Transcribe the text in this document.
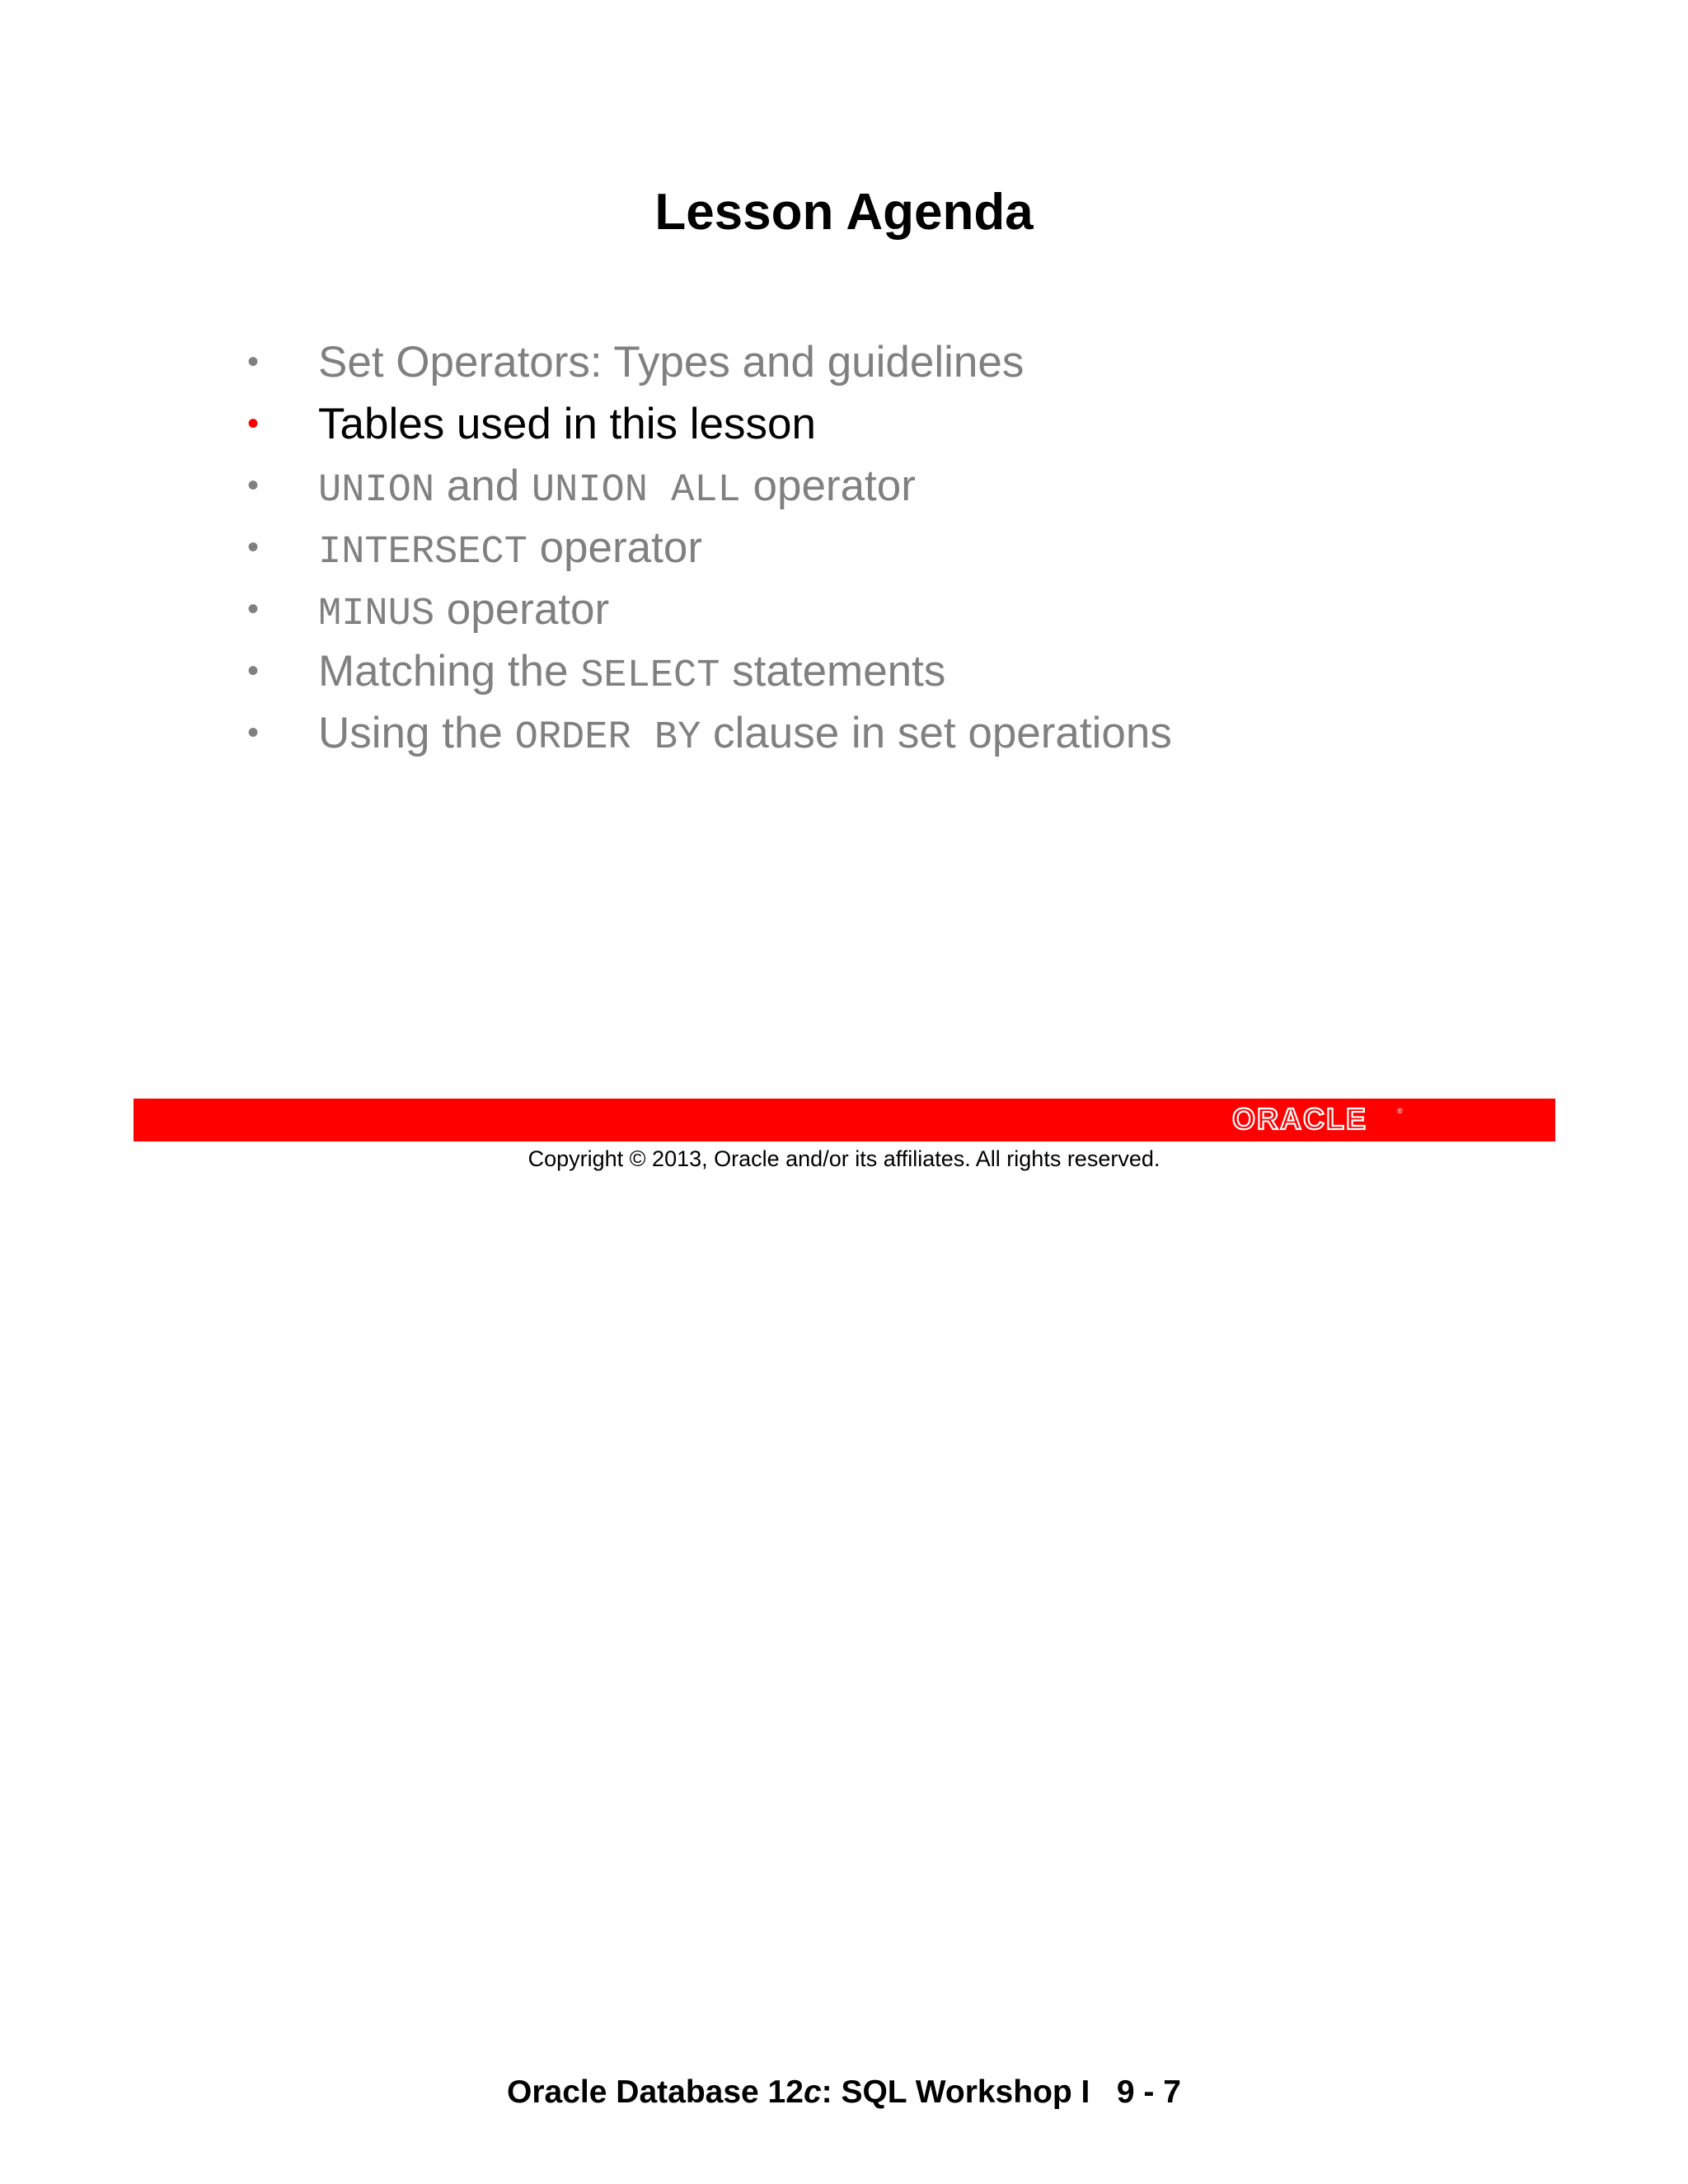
Lesson Agenda
•	Set Operators: Types and guidelines
•	Tables used in this lesson
•	UNION and UNION ALL operator
•	INTERSECT operator
•	MINUS operator
•	Matching the SELECT statements
•	Using the ORDER BY clause in set operations
ORACLE	®
Copyright © 2013, Oracle and/or its affiliates. All rights reserved.
Oracle Database 12c: SQL Workshop I 9 - 7
